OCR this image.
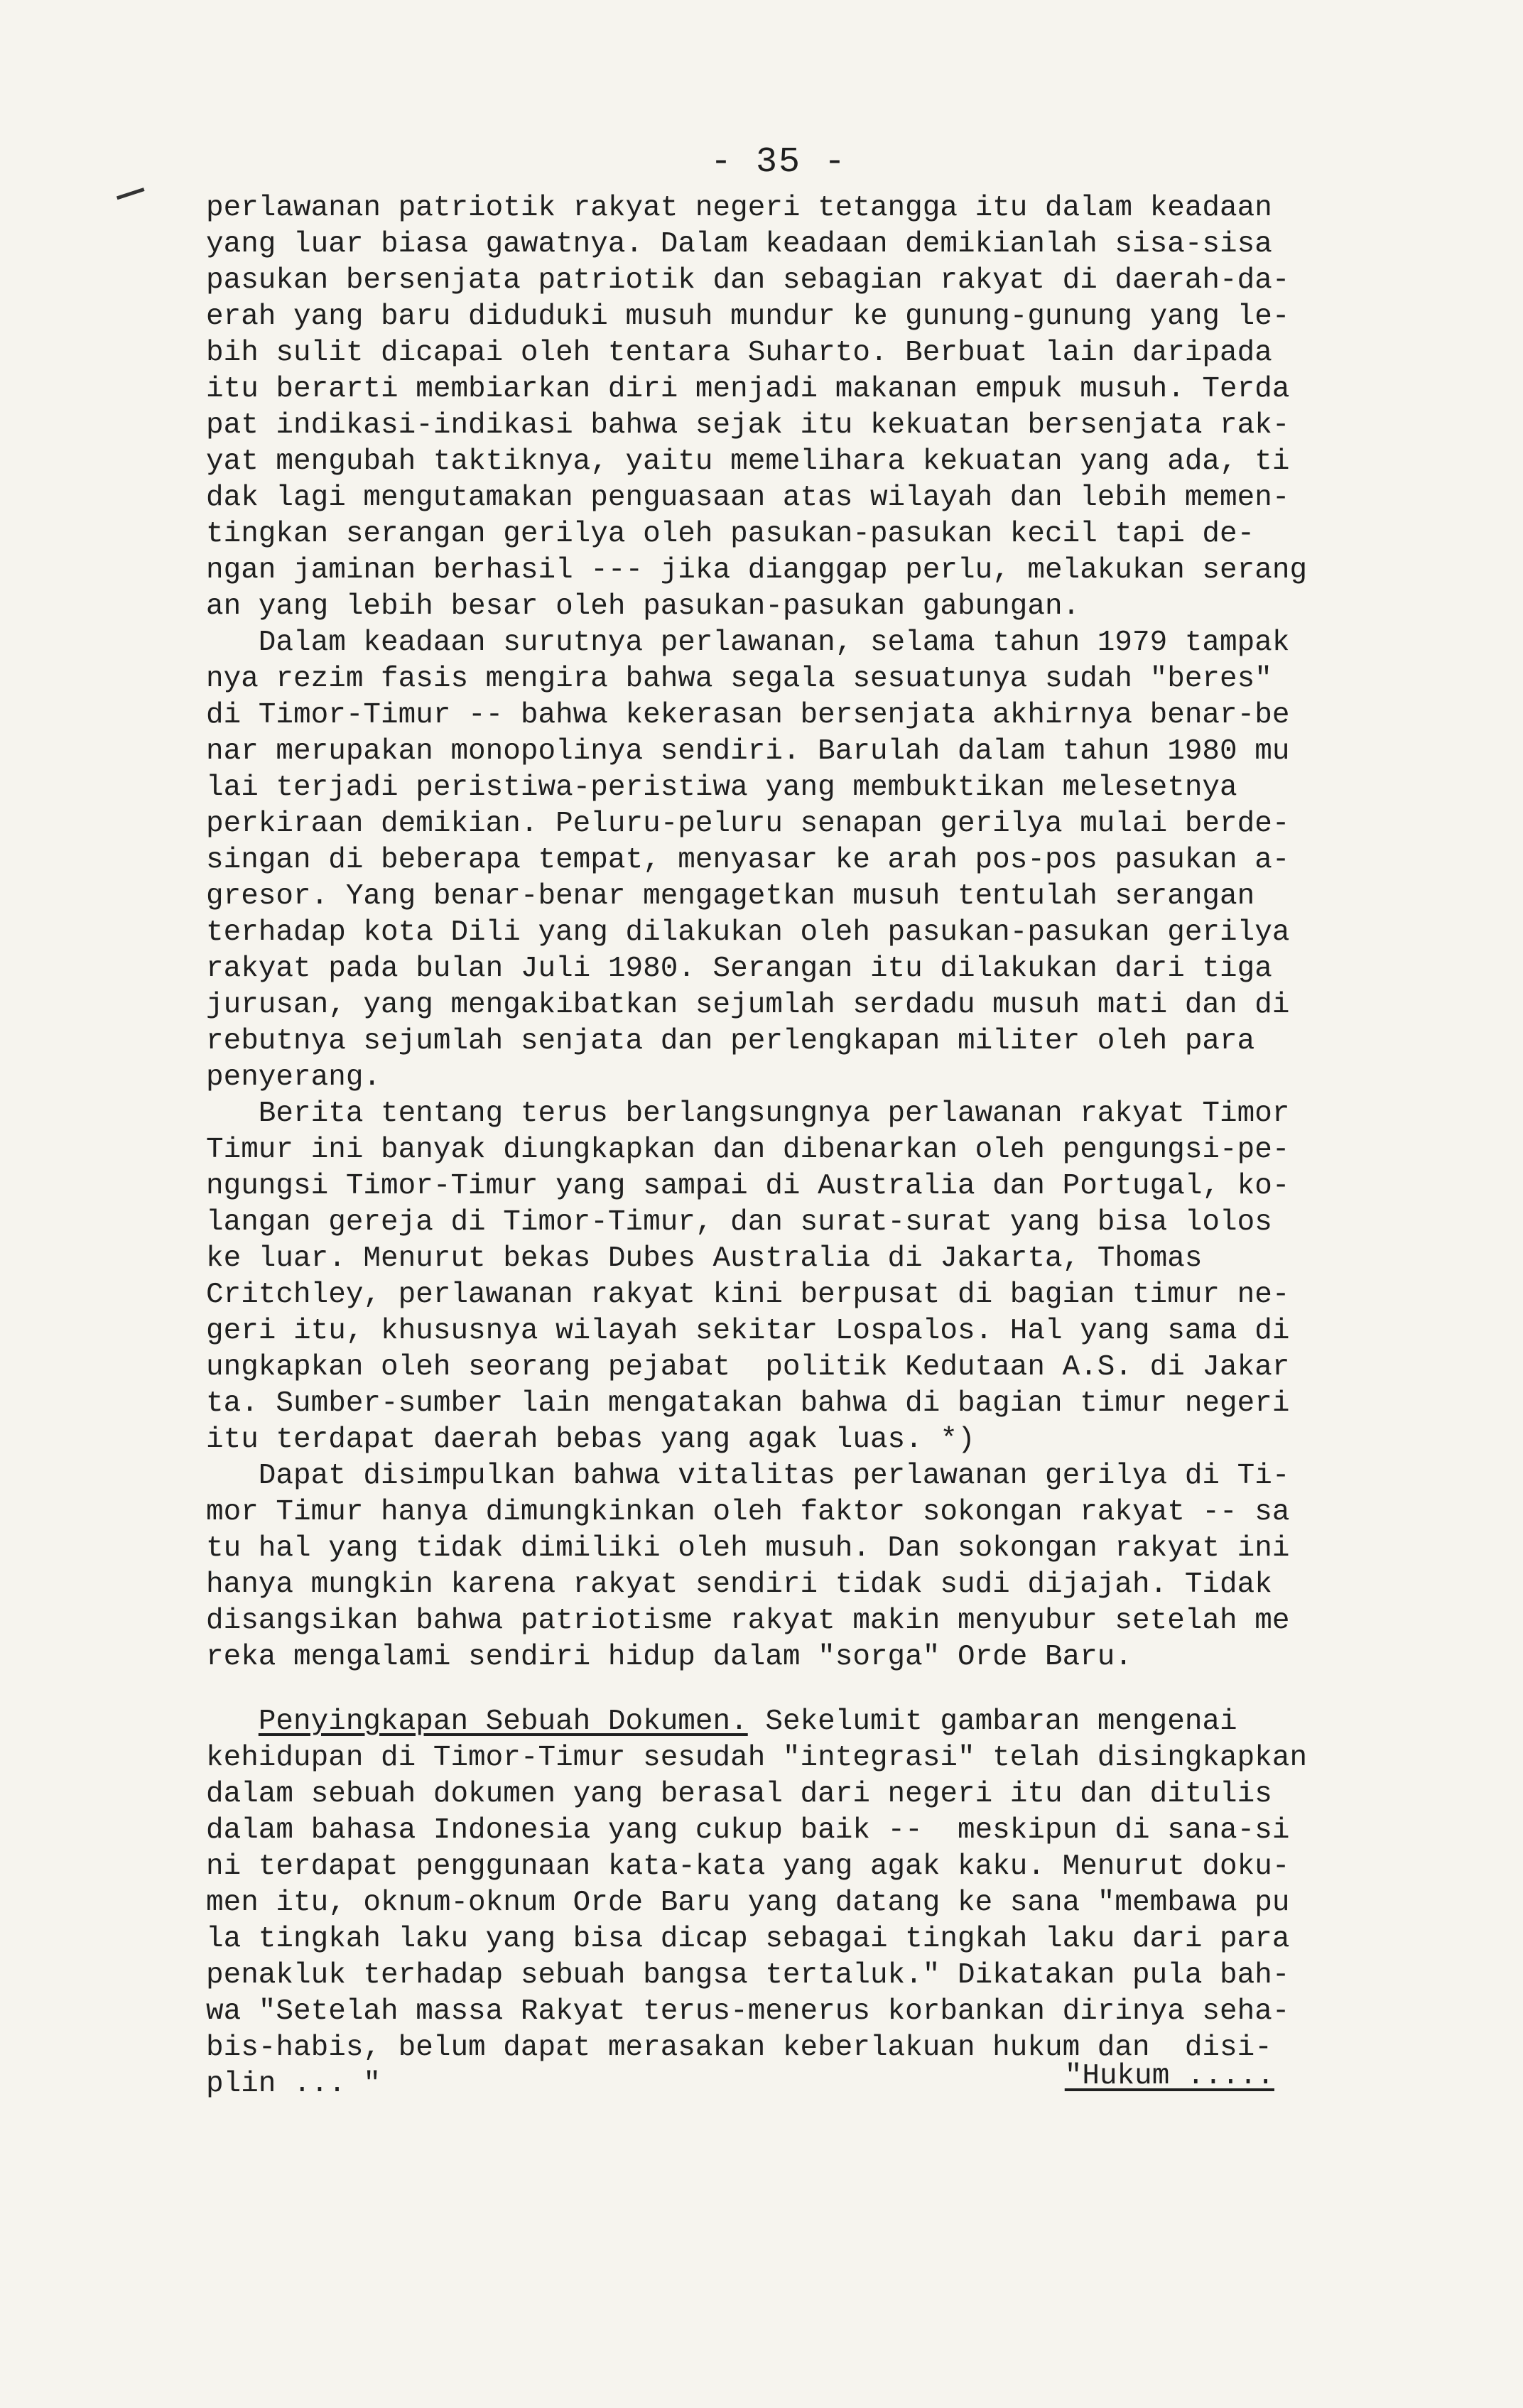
- 35 -
perlawanan patriotik rakyat negeri tetangga itu dalam keadaan
yang luar biasa gawatnya. Dalam keadaan demikianlah sisa-sisa
pasukan bersenjata patriotik dan sebagian rakyat di daerah-da-
erah yang baru diduduki musuh mundur ke gunung-gunung yang le-
bih sulit dicapai oleh tentara Suharto. Berbuat lain daripada
itu berarti membiarkan diri menjadi makanan empuk musuh. Terda
pat indikasi-indikasi bahwa sejak itu kekuatan bersenjata rak-
yat mengubah taktiknya, yaitu memelihara kekuatan yang ada, ti
dak lagi mengutamakan penguasaan atas wilayah dan lebih memen-
tingkan serangan gerilya oleh pasukan-pasukan kecil tapi de-
ngan jaminan berhasil --- jika dianggap perlu, melakukan serang
an yang lebih besar oleh pasukan-pasukan gabungan.
Dalam keadaan surutnya perlawanan, selama tahun 1979 tampak
nya rezim fasis mengira bahwa segala sesuatunya sudah "beres"
di Timor-Timur -- bahwa kekerasan bersenjata akhirnya benar-be
nar merupakan monopolinya sendiri. Barulah dalam tahun 1980 mu
lai terjadi peristiwa-peristiwa yang membuktikan melesetnya
perkiraan demikian. Peluru-peluru senapan gerilya mulai berde-
singan di beberapa tempat, menyasar ke arah pos-pos pasukan a-
gresor. Yang benar-benar mengagetkan musuh tentulah serangan
terhadap kota Dili yang dilakukan oleh pasukan-pasukan gerilya
rakyat pada bulan Juli 1980. Serangan itu dilakukan dari tiga
jurusan, yang mengakibatkan sejumlah serdadu musuh mati dan di
rebutnya sejumlah senjata dan perlengkapan militer oleh para
penyerang.
Berita tentang terus berlangsungnya perlawanan rakyat Timor
Timur ini banyak diungkapkan dan dibenarkan oleh pengungsi-pe-
ngungsi Timor-Timur yang sampai di Australia dan Portugal, ko-
langan gereja di Timor-Timur, dan surat-surat yang bisa lolos
ke luar. Menurut bekas Dubes Australia di Jakarta, Thomas
Critchley, perlawanan rakyat kini berpusat di bagian timur ne-
geri itu, khususnya wilayah sekitar Lospalos. Hal yang sama di
ungkapkan oleh seorang pejabat  politik Kedutaan A.S. di Jakar
ta. Sumber-sumber lain mengatakan bahwa di bagian timur negeri
itu terdapat daerah bebas yang agak luas. *)
Dapat disimpulkan bahwa vitalitas perlawanan gerilya di Ti-
mor Timur hanya dimungkinkan oleh faktor sokongan rakyat -- sa
tu hal yang tidak dimiliki oleh musuh. Dan sokongan rakyat ini
hanya mungkin karena rakyat sendiri tidak sudi dijajah. Tidak
disangsikan bahwa patriotisme rakyat makin menyubur setelah me
reka mengalami sendiri hidup dalam "sorga" Orde Baru.
Penyingkapan Sebuah Dokumen. Sekelumit gambaran mengenai
kehidupan di Timor-Timur sesudah "integrasi" telah disingkapkan
dalam sebuah dokumen yang berasal dari negeri itu dan ditulis
dalam bahasa Indonesia yang cukup baik --  meskipun di sana-si
ni terdapat penggunaan kata-kata yang agak kaku. Menurut doku-
men itu, oknum-oknum Orde Baru yang datang ke sana "membawa pu
la tingkah laku yang bisa dicap sebagai tingkah laku dari para
penakluk terhadap sebuah bangsa tertaluk." Dikatakan pula bah-
wa "Setelah massa Rakyat terus-menerus korbankan dirinya seha-
bis-habis, belum dapat merasakan keberlakuan hukum dan  disi-
plin ... "	"Hukum .....
